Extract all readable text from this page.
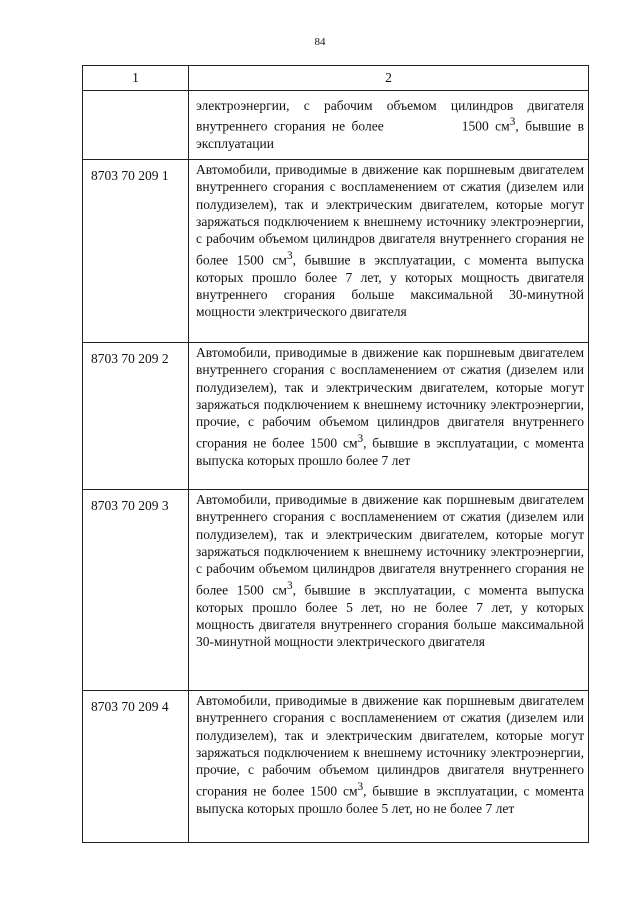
84
1	2
	электроэнергии, с рабочим объемом цилиндров двигателя внутреннего сгорания не более 1500 $см^3$, бывшие в эксплуатации
8703 70 209 1	Автомобили, приводимые в движение как поршневым двигателем внутреннего сгорания с воспламенением от сжатия (дизелем или полудизелем), так и электрическим двигателем, которые могут заряжаться подключением к внешнему источнику электроэнергии, с рабочим объемом цилиндров двигателя внутреннего сгорания не более 1500 $см^3$, бывшие в эксплуатации, с момента выпуска которых прошло более 7 лет, у которых мощность двигателя внутреннего сгорания больше максимальной 30-минутной мощности электрического двигателя
8703 70 209 2	Автомобили, приводимые в движение как поршневым двигателем внутреннего сгорания с воспламенением от сжатия (дизелем или полудизелем), так и электрическим двигателем, которые могут заряжаться подключением к внешнему источнику электроэнергии, прочие, с рабочим объемом цилиндров двигателя внутреннего сгорания не более 1500 $см^3$, бывшие в эксплуатации, с момента выпуска которых прошло более 7 лет
8703 70 209 3	Автомобили, приводимые в движение как поршневым двигателем внутреннего сгорания с воспламенением от сжатия (дизелем или полудизелем), так и электрическим двигателем, которые могут заряжаться подключением к внешнему источнику электроэнергии, с рабочим объемом цилиндров двигателя внутреннего сгорания не более 1500 $см^3$, бывшие в эксплуатации, с момента выпуска которых прошло более 5 лет, но не более 7 лет, у которых мощность двигателя внутреннего сгорания больше максимальной 30-минутной мощности электрического двигателя
8703 70 209 4	Автомобили, приводимые в движение как поршневым двигателем внутреннего сгорания с воспламенением от сжатия (дизелем или полудизелем), так и электрическим двигателем, которые могут заряжаться подключением к внешнему источнику электроэнергии, прочие, с рабочим объемом цилиндров двигателя внутреннего сгорания не более 1500 $см^3$, бывшие в эксплуатации, с момента выпуска которых прошло более 5 лет, но не более 7 лет
